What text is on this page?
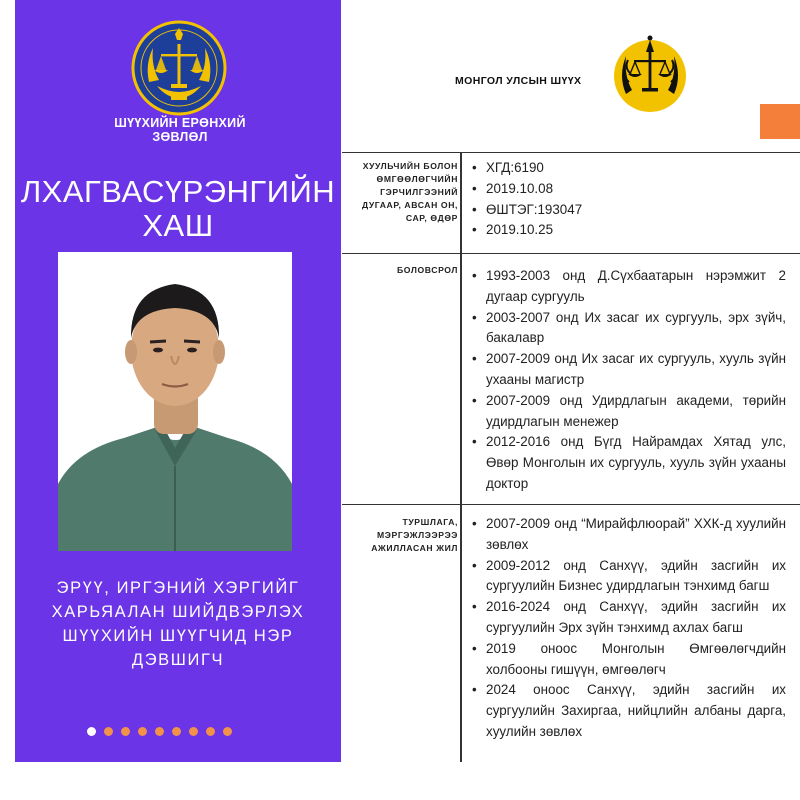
ШҮҮХИЙН ЕРӨНХИЙ ЗӨВЛӨЛ
ЛХАГВАСҮРЭНГИЙН ХАШ
ЭРҮҮ, ИРГЭНИЙ ХЭРГИЙГ ХАРЬЯАЛАН ШИЙДВЭРЛЭХ ШҮҮХИЙН ШҮҮГЧИД НЭР ДЭВШИГЧ
МОНГОЛ УЛСЫН ШҮҮХ
ХУУЛЬЧИЙН БОЛОН ӨМГӨӨЛӨГЧИЙН ГЭРЧИЛГЭЭНИЙ ДУГААР, АВСАН ОН, САР, ӨДӨР
• ХГД:6190
• 2019.10.08
• ӨШТЭГ:193047
• 2019.10.25
БОЛОВСРОЛ
•	1993-2003 онд Д.Сүхбаатарын нэрэмжит 2 дугаар сургууль
• 2003-2007 онд Их засаг их сургууль, эрх зүйч, бакалавр
• 2007-2009 онд Их засаг их сургууль, хууль зүйн ухааны магистр
• 2007-2009 онд Удирдлагын академи, төрийн удирдлагын менежер
• 2012-2016 онд Бүгд Найрамдах Хятад улс, Өвөр Монголын их сургууль, хууль зүйн ухааны доктор
ТУРШЛАГА, МЭРГЭЖЛЭЭРЭЭ АЖИЛЛАСАН ЖИЛ
• 2007-2009 онд “Мирайфлюорай” ХХК-д хуулийн зөвлөх
• 2009-2012 онд Санхүү, эдийн засгийн их сургуулийн Бизнес удирдлагын тэнхимд багш
• 2016-2024 онд Санхүү, эдийн засгийн их сургуулийн Эрх зүйн тэнхимд ахлах багш
• 2019 оноос Монголын Өмгөөлөгчдийн холбооны гишүүн, өмгөөлөгч
• 2024 оноос Санхүү, эдийн засгийн их сургуулийн Захиргаа, нийцлийн албаны дарга, хуулийн зөвлөх
